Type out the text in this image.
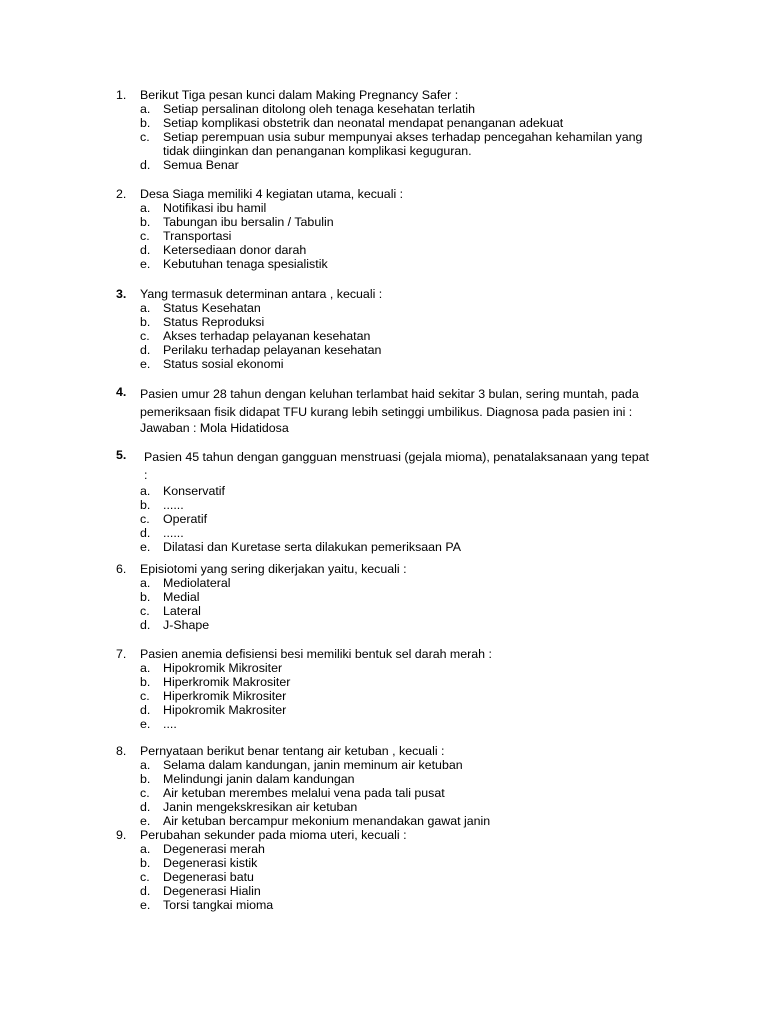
1.	Berikut Tiga pesan kunci dalam Making Pregnancy Safer :
a.	Setiap persalinan ditolong oleh tenaga kesehatan terlatih
b.	Setiap komplikasi obstetrik dan neonatal mendapat penanganan adekuat
c.	Setiap perempuan usia subur mempunyai akses terhadap pencegahan kehamilan yang tidak diinginkan dan penanganan komplikasi keguguran.
d.	Semua Benar
2.	Desa Siaga memiliki 4 kegiatan utama, kecuali :
a.	Notifikasi ibu hamil
b.	Tabungan ibu bersalin / Tabulin
c.	Transportasi
d.	Ketersediaan donor darah
e.	Kebutuhan tenaga spesialistik
3.	Yang termasuk determinan antara , kecuali :
a.	Status Kesehatan
b.	Status Reproduksi
c.	Akses terhadap pelayanan kesehatan
d.	Perilaku terhadap pelayanan kesehatan
e.	Status sosial ekonomi
4.	Pasien umur 28 tahun dengan keluhan terlambat haid sekitar 3 bulan, sering muntah, pada pemeriksaan fisik didapat TFU kurang lebih setinggi umbilikus. Diagnosa pada pasien ini :
Jawaban : Mola Hidatidosa
5.	Pasien 45 tahun dengan gangguan menstruasi (gejala mioma), penatalaksanaan yang tepat :
a.	Konservatif
b.	......
c.	Operatif
d.	......
e.	Dilatasi dan Kuretase serta dilakukan pemeriksaan PA
6.	Episiotomi yang sering dikerjakan yaitu, kecuali :
a.	Mediolateral
b.	Medial
c.	Lateral
d.	J-Shape
7.	Pasien anemia defisiensi besi memiliki bentuk sel darah merah :
a.	Hipokromik Mikrositer
b.	Hiperkromik Makrositer
c.	Hiperkromik Mikrositer
d.	Hipokromik Makrositer
e.	....
8.	Pernyataan berikut benar tentang air ketuban , kecuali :
a.	Selama dalam kandungan, janin meminum air ketuban
b.	Melindungi janin dalam kandungan
c.	Air ketuban merembes melalui vena pada tali pusat
d.	Janin mengekskresikan air ketuban
e.	Air ketuban bercampur mekonium menandakan gawat janin
9.	Perubahan sekunder pada mioma uteri, kecuali :
a.	Degenerasi merah
b.	Degenerasi kistik
c.	Degenerasi batu
d.	Degenerasi Hialin
e.	Torsi tangkai mioma
